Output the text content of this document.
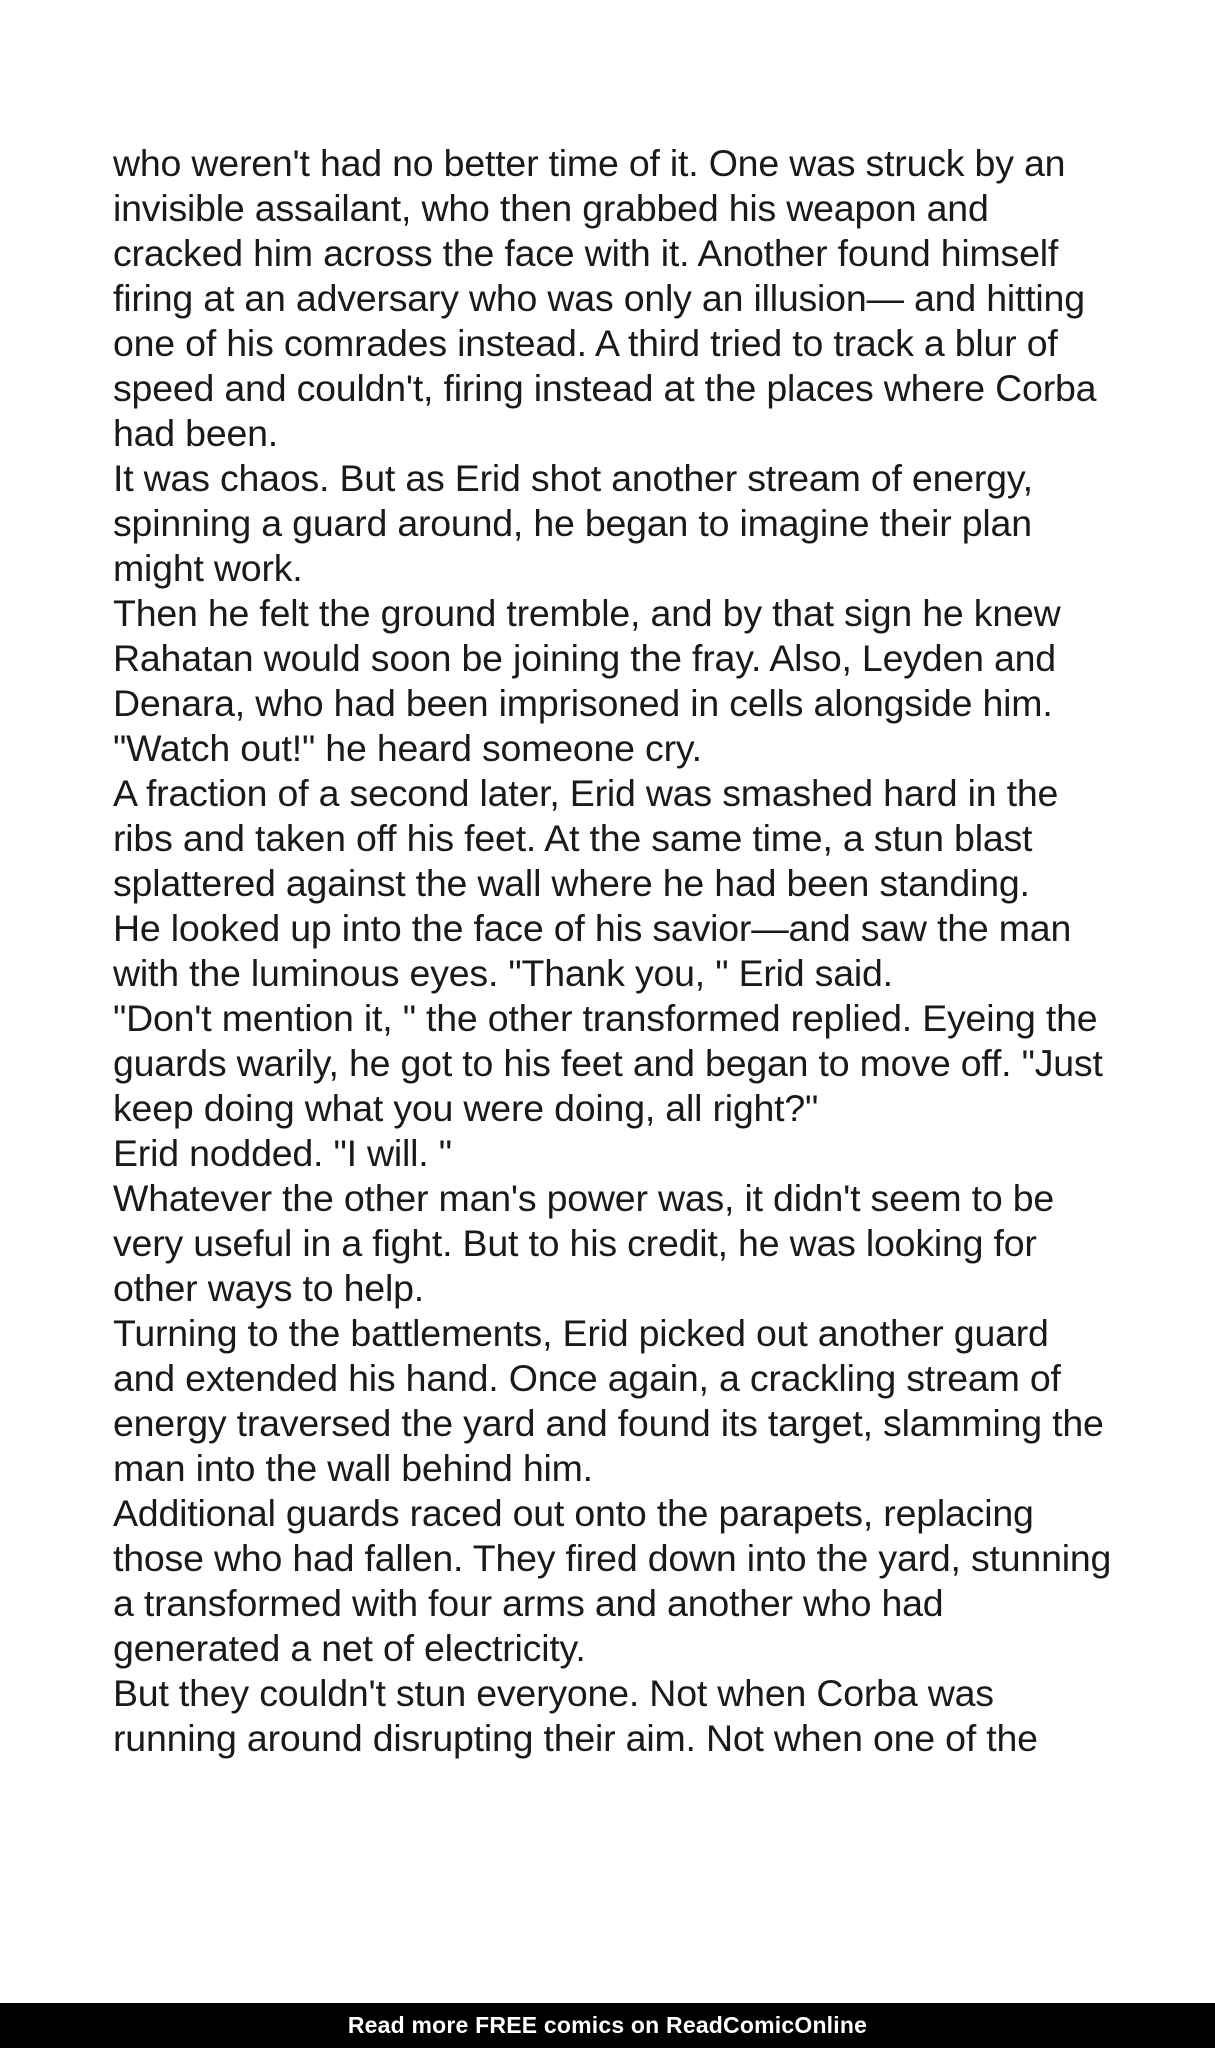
who weren't had no better time of it. One was struck by an invisible assailant, who then grabbed his weapon and cracked him across the face with it. Another found himself firing at an adversary who was only an illusion— and hitting one of his comrades instead. A third tried to track a blur of speed and couldn't, firing instead at the places where Corba had been.

It was chaos. But as Erid shot another stream of energy, spinning a guard around, he began to imagine their plan might work.

Then he felt the ground tremble, and by that sign he knew Rahatan would soon be joining the fray. Also, Leyden and Denara, who had been imprisoned in cells alongside him.

"Watch out!" he heard someone cry.

A fraction of a second later, Erid was smashed hard in the ribs and taken off his feet. At the same time, a stun blast splattered against the wall where he had been standing.

He looked up into the face of his savior—and saw the man with the luminous eyes. "Thank you, " Erid said.

"Don't mention it, " the other transformed replied. Eyeing the guards warily, he got to his feet and began to move off. "Just keep doing what you were doing, all right?"

Erid nodded. "I will. "

Whatever the other man's power was, it didn't seem to be very useful in a fight. But to his credit, he was looking for other ways to help.

Turning to the battlements, Erid picked out another guard and extended his hand. Once again, a crackling stream of energy traversed the yard and found its target, slamming the man into the wall behind him.

Additional guards raced out onto the parapets, replacing those who had fallen. They fired down into the yard, stunning a transformed with four arms and another who had generated a net of electricity.

But they couldn't stun everyone. Not when Corba was running around disrupting their aim. Not when one of the

Read more FREE comics on ReadComicOnline
